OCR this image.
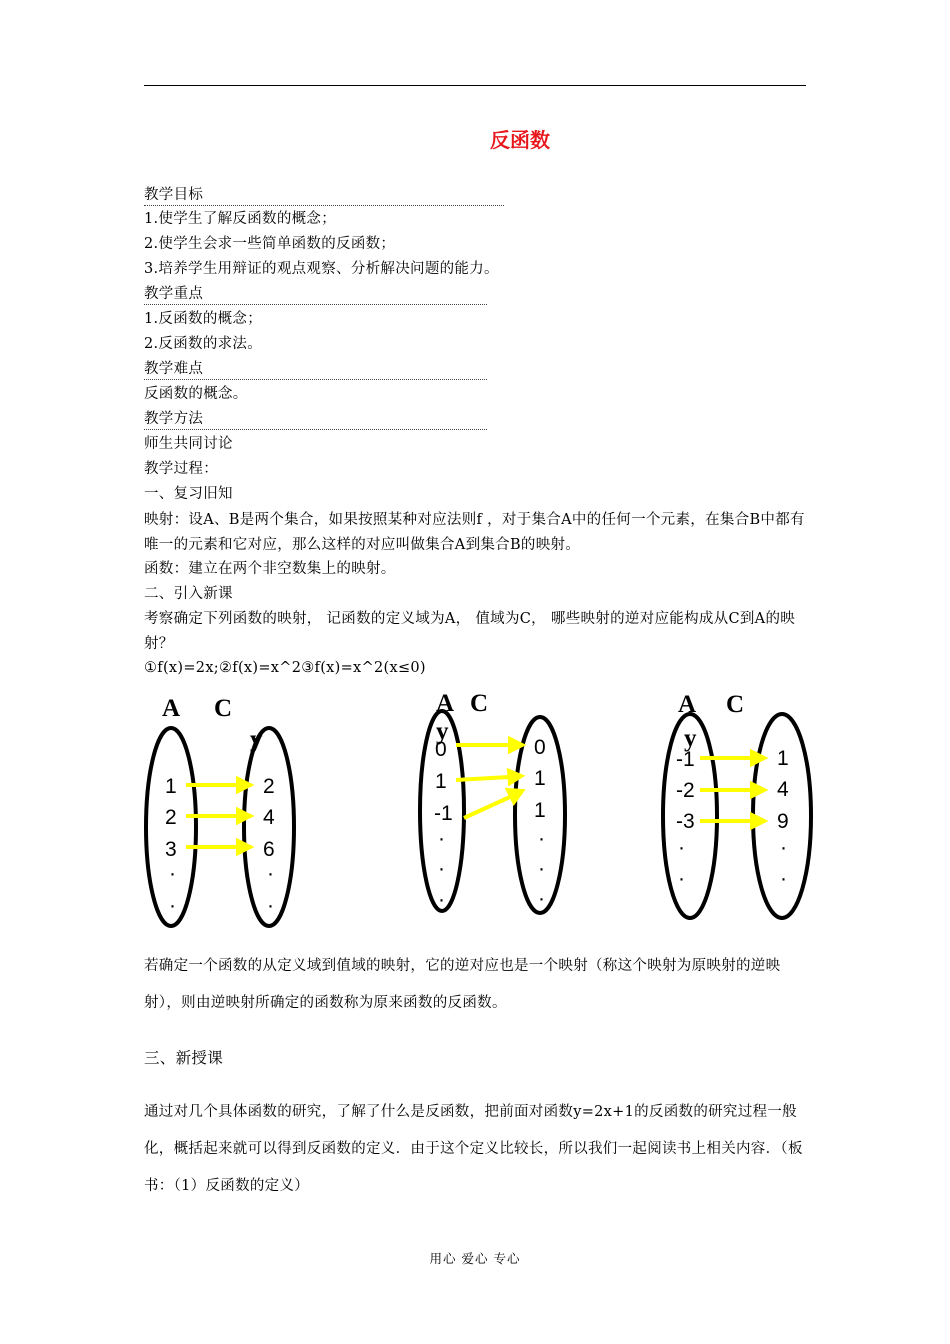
反函数
教学目标
1.使学生了解反函数的概念；
2.使学生会求一些简单函数的反函数；
3.培养学生用辩证的观点观察、分析解决问题的能力。
教学重点
1.反函数的概念；
2.反函数的求法。
教学难点
反函数的概念。
教学方法
师生共同讨论
教学过程：
一、复习旧知
映射：设A、B是两个集合，如果按照某种对应法则f ，对于集合A中的任何一个元素，在集合B中都有唯一的元素和它对应，那么这样的对应叫做集合A到集合B的映射。
函数：建立在两个非空数集上的映射。
二、引入新课
考察确定下列函数的映射， 记函数的定义域为A， 值域为C， 哪些映射的逆对应能构成从C到A的映射？
①f(x)=2x;②f(x)=x^2③f(x)=x^2(x≤0)
A C
y
1
2
3
·
·
2
4
6
·
·
A C
y
0
1
-1
·
·
·
0
1
1
·
·
·
A C
y
-1
-2
-3
·
·
1
4
9
·
·
若确定一个函数的从定义域到值域的映射，它的逆对应也是一个映射（称这个映射为原映射的逆映射），则由逆映射所确定的函数称为原来函数的反函数。
三、新授课
通过对几个具体函数的研究，了解了什么是反函数，把前面对函数y=2x+1的反函数的研究过程一般化，概括起来就可以得到反函数的定义．由于这个定义比较长，所以我们一起阅读书上相关内容．（板书：（1）反函数的定义）
用心 爱心 专心
